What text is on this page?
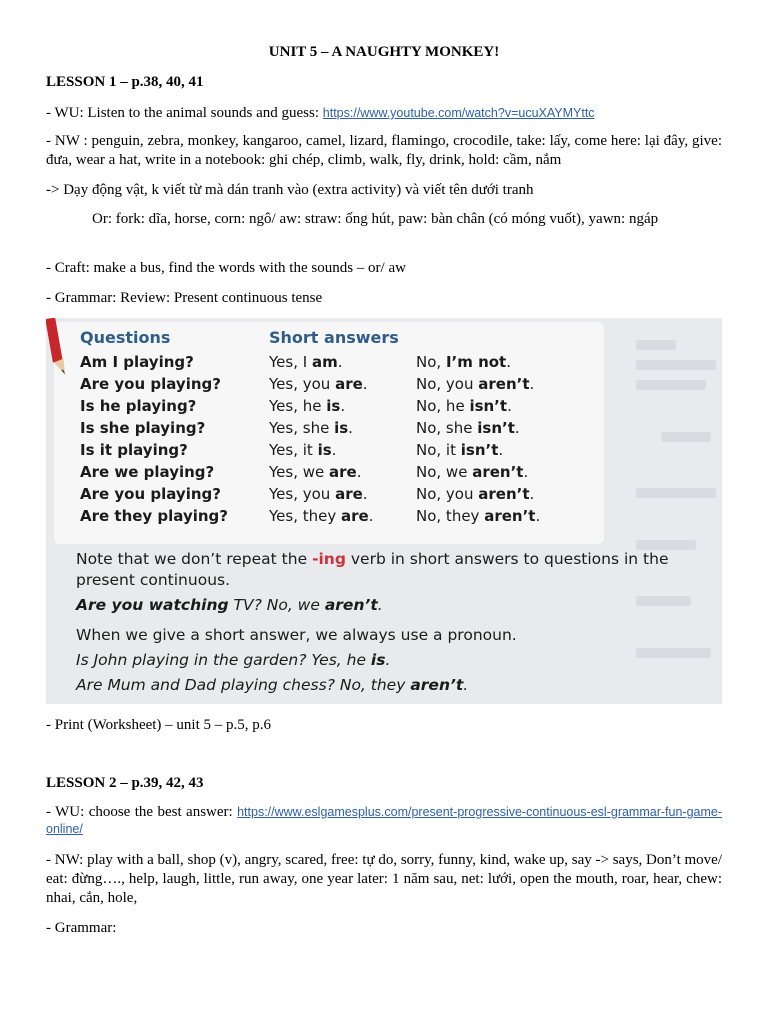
UNIT 5 – A NAUGHTY MONKEY!
LESSON 1 – p.38, 40, 41
- WU: Listen to the animal sounds and guess: https://www.youtube.com/watch?v=ucuXAYMYttc
- NW : penguin, zebra, monkey, kangaroo, camel, lizard, flamingo, crocodile, take: lấy, come here: lại đây, give: đưa, wear a hat, write in a notebook: ghi chép, climb, walk, fly, drink, hold: cầm, nắm
-> Dạy động vật, k viết từ mà dán tranh vào (extra activity) và viết tên dưới tranh
Or: fork: dĩa, horse, corn: ngô/ aw: straw: ống hút, paw: bàn chân (có móng vuốt), yawn: ngáp
- Craft: make a bus, find the words with the sounds – or/ aw
- Grammar: Review: Present continuous tense
Questions	Short answers
Am I playing?	Yes, I am.	No, I’m not.
Are you playing?	Yes, you are.	No, you aren’t.
Is he playing?	Yes, he is.	No, he isn’t.
Is she playing?	Yes, she is.	No, she isn’t.
Is it playing?	Yes, it is.	No, it isn’t.
Are we playing?	Yes, we are.	No, we aren’t.
Are you playing?	Yes, you are.	No, you aren’t.
Are they playing?	Yes, they are.	No, they aren’t.
Note that we don’t repeat the -ing verb in short answers to questions in the
present continuous.
Are you watching TV? No, we aren’t.
When we give a short answer, we always use a pronoun.
Is John playing in the garden? Yes, he is.
Are Mum and Dad playing chess? No, they aren’t.
- Print (Worksheet) – unit 5 – p.5, p.6
LESSON 2 – p.39, 42, 43
- WU: choose the best answer: https://www.eslgamesplus.com/present-progressive-continuous-esl-grammar-fun-game-online/
- NW: play with a ball, shop (v), angry, scared, free: tự do, sorry, funny, kind, wake up, say -> says, Don’t move/ eat: đừng…., help, laugh, little, run away, one year later: 1 năm sau, net: lưới, open the mouth, roar, hear, chew: nhai, cắn, hole,
- Grammar:
